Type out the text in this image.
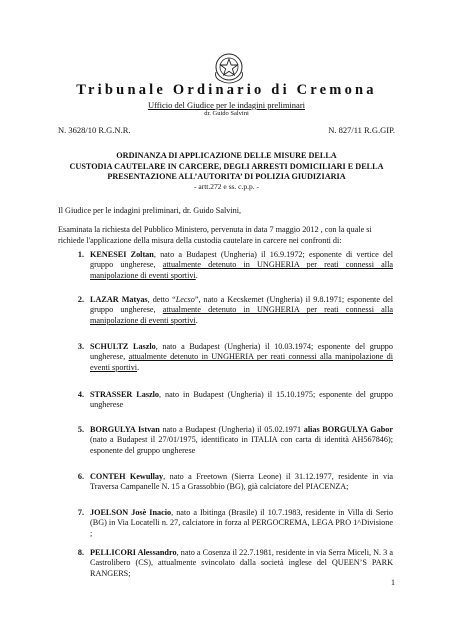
Tribunale Ordinario di Cremona
Ufficio del Giudice per le indagini preliminari
dr. Guido Salvini
N. 3628/10 R.G.N.R.	N. 827/11 R.G.GIP.
ORDINANZA DI APPLICAZIONE DELLE MISURE DELLA
CUSTODIA CAUTELARE IN CARCERE, DEGLI ARRESTI DOMICILIARI E DELLA
PRESENTAZIONE ALL’AUTORITA’ DI POLIZIA GIUDIZIARIA
- artt.272 e ss. c.p.p. -
Il Giudice per le indagini preliminari, dr. Guido Salvini,
Esaminata la richiesta del Pubblico Ministero, pervenuta in data 7 maggio 2012 , con la quale si richiede l'applicazione della misura della custodia cautelare in carcere nei confronti di:
1. KENESEI Zoltan, nato a Budapest (Ungheria) il 16.9.1972; esponente di vertice del gruppo ungherese, attualmente detenuto in UNGHERIA per reati connessi alla manipolazione di eventi sportivi.
2. LAZAR Matyas, detto “Lecso”, nato a Kecskemet (Ungheria) il 9.8.1971; esponente del gruppo ungherese, attualmente detenuto in UNGHERIA per reati connessi alla manipolazione di eventi sportivi.
3. SCHULTZ Laszlo, nato a Budapest (Ungheria) il 10.03.1974; esponente del gruppo ungherese, attualmente detenuto in UNGHERIA per reati connessi alla manipolazione di eventi sportivi.
4. STRASSER Laszlo, nato in Budapest (Ungheria) il 15.10.1975; esponente del gruppo ungherese
5. BORGULYA Istvan nato a Budapest (Ungheria) il 05.02.1971 alias BORGULYA Gabor (nato a Budapest il 27/01/1975, identificato in ITALIA con carta di identità AH567846); esponente del gruppo ungherese
6. CONTEH Kewullay, nato a Freetown (Sierra Leone) il 31.12.1977, residente in via Traversa Campanelle N. 15 a Grassobbio (BG), già calciatore del PIACENZA;
7. JOELSON Josè Inacio, nato a Ibitinga (Brasile) il 10.7.1983, residente in Villa di Serio (BG) in Via Locatelli n. 27, calciatore in forza al PERGOCREMA, LEGA PRO 1^Divisione ;
8. PELLICORI Alessandro, nato a Cosenza il 22.7.1981, residente in via Serra Miceli, N. 3 a Castrolibero (CS), attualmente svincolato dalla società inglese del QUEEN’S PARK RANGERS;
1
